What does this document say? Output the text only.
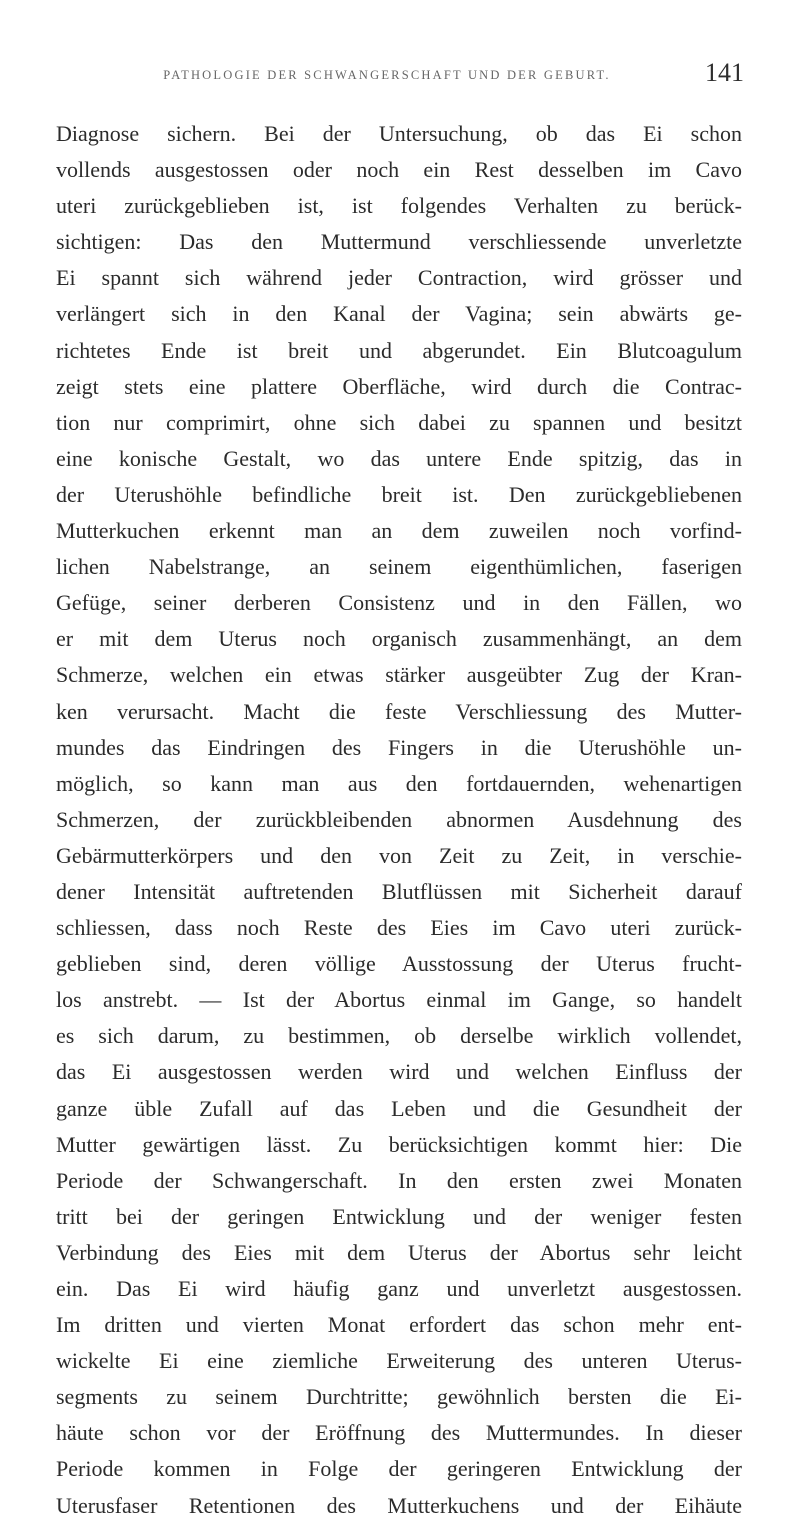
PATHOLOGIE DER SCHWANGERSCHAFT UND DER GEBURT.	141
Diagnose sichern. Bei der Untersuchung, ob das Ei schon
vollends ausgestossen oder noch ein Rest desselben im Cavo
uteri zurückgeblieben ist, ist folgendes Verhalten zu berück-
sichtigen: Das den Muttermund verschliessende unverletzte
Ei spannt sich während jeder Contraction, wird grösser und
verlängert sich in den Kanal der Vagina; sein abwärts ge-
richtetes Ende ist breit und abgerundet. Ein Blutcoagulum
zeigt stets eine plattere Oberfläche, wird durch die Contrac-
tion nur comprimirt, ohne sich dabei zu spannen und besitzt
eine konische Gestalt, wo das untere Ende spitzig, das in
der Uterushöhle befindliche breit ist. Den zurückgebliebenen
Mutterkuchen erkennt man an dem zuweilen noch vorfind-
lichen Nabelstrange, an seinem eigenthümlichen, faserigen
Gefüge, seiner derberen Consistenz und in den Fällen, wo
er mit dem Uterus noch organisch zusammenhängt, an dem
Schmerze, welchen ein etwas stärker ausgeübter Zug der Kran-
ken verursacht. Macht die feste Verschliessung des Mutter-
mundes das Eindringen des Fingers in die Uterushöhle un-
möglich, so kann man aus den fortdauernden, wehenartigen
Schmerzen, der zurückbleibenden abnormen Ausdehnung des
Gebärmutterkörpers und den von Zeit zu Zeit, in verschie-
dener Intensität auftretenden Blutflüssen mit Sicherheit darauf
schliessen, dass noch Reste des Eies im Cavo uteri zurück-
geblieben sind, deren völlige Ausstossung der Uterus frucht-
los anstrebt. — Ist der Abortus einmal im Gange, so handelt
es sich darum, zu bestimmen, ob derselbe wirklich vollendet,
das Ei ausgestossen werden wird und welchen Einfluss der
ganze üble Zufall auf das Leben und die Gesundheit der
Mutter gewärtigen lässt. Zu berücksichtigen kommt hier: Die
Periode der Schwangerschaft. In den ersten zwei Monaten
tritt bei der geringen Entwicklung und der weniger festen
Verbindung des Eies mit dem Uterus der Abortus sehr leicht
ein. Das Ei wird häufig ganz und unverletzt ausgestossen.
Im dritten und vierten Monat erfordert das schon mehr ent-
wickelte Ei eine ziemliche Erweiterung des unteren Uterus-
segments zu seinem Durchtritte; gewöhnlich bersten die Ei-
häute schon vor der Eröffnung des Muttermundes. In dieser
Periode kommen in Folge der geringeren Entwicklung der
Uterusfaser Retentionen des Mutterkuchens und der Eihäute
